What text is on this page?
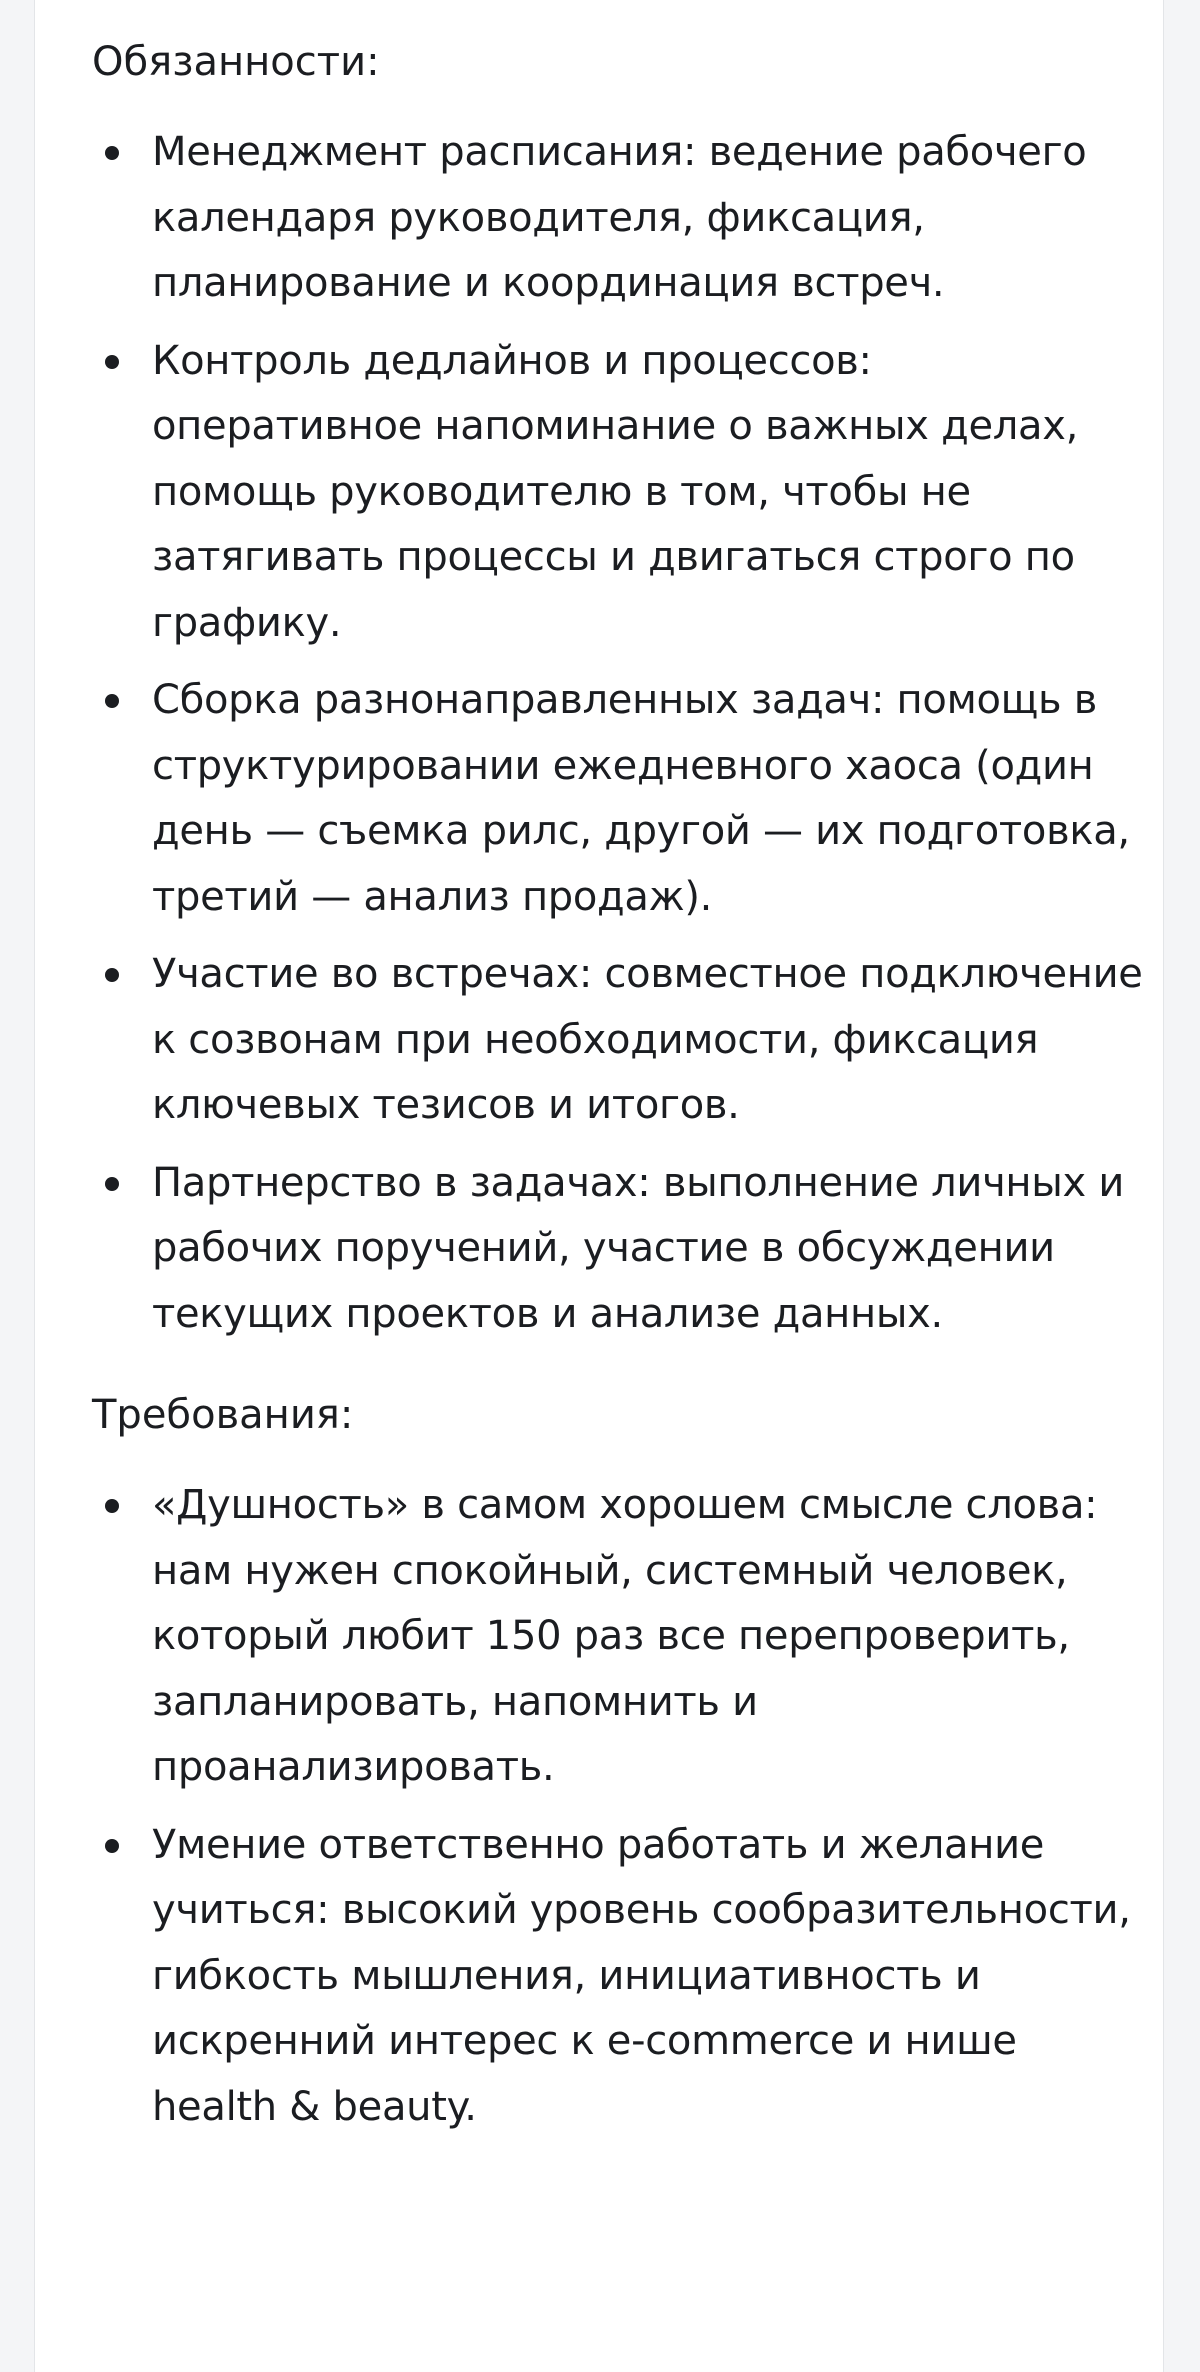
Обязанности:

Менеджмент расписания: ведение рабочего календаря руководителя, фиксация, планирование и координация встреч.
Контроль дедлайнов и процессов: оперативное напоминание о важных делах, помощь руководителю в том, чтобы не затягивать процессы и двигаться строго по графику.
Сборка разнонаправленных задач: помощь в структурировании ежедневного хаоса (один день — съемка рилс, другой — их подготовка, третий — анализ продаж).
Участие во встречах: совместное подключение к созвонам при необходимости, фиксация ключевых тезисов и итогов.
Партнерство в задачах: выполнение личных и рабочих поручений, участие в обсуждении текущих проектов и анализе данных.

Требования:

«Душность» в самом хорошем смысле слова: нам нужен спокойный, системный человек, который любит 150 раз все перепроверить, запланировать, напомнить и проанализировать.
Умение ответственно работать и желание учиться: высокий уровень сообразительности, гибкость мышления, инициативность и искренний интерес к e-commerce и нише health & beauty.
